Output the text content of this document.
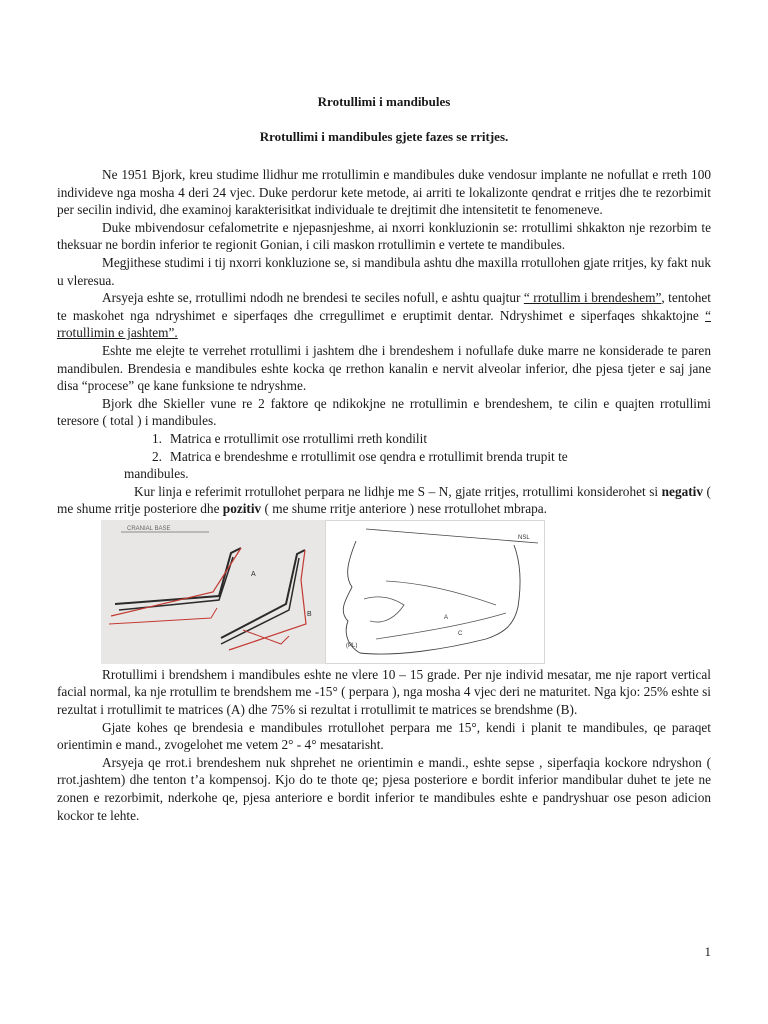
Rrotullimi i mandibules
Rrotullimi i mandibules gjete fazes se rritjes.

Ne 1951 Bjork, kreu studime llidhur me rrotullimin e mandibules duke vendosur implante ne nofullat e rreth 100 individeve nga mosha 4 deri 24 vjec. Duke perdorur kete metode, ai arriti te lokalizonte qendrat e rritjes dhe te rezorbimit per secilin individ, dhe examinoj karakterisitkat individuale te drejtimit dhe intensitetit te fenomeneve.

Duke mbivendosur cefalometrite e njepasnjeshme, ai nxorri konkluzionin se: rrotullimi shkakton nje rezorbim te theksuar ne bordin inferior te regionit Gonian, i cili maskon rrotullimin e vertete te mandibules.

Megjithese studimi i tij nxorri konkluzione se, si mandibula ashtu dhe maxilla rrotullohen gjate rritjes, ky fakt nuk u vleresua.

Arsyeja eshte se, rrotullimi ndodh ne brendesi te seciles nofull, e ashtu quajtur “ rrotullim i brendeshem”, tentohet te maskohet nga ndryshimet e siperfaqes dhe crregullimet e eruptimit dentar. Ndryshimet e siperfaqes shkaktojne “ rrotullimin e jashtem”.

Eshte me elejte te verrehet rrotullimi i jashtem dhe i brendeshem i nofullafe duke marre ne konsiderade te paren mandibulen. Brendesia e mandibules eshte kocka qe rrethon kanalin e nervit alveolar inferior, dhe pjesa tjeter e saj jane disa “procese” qe kane funksione te ndryshme.

Bjork dhe Skieller vune re 2 faktore qe ndikokjne ne rrotullimin e brendeshem, te cilin e quajten rrotullimi teresore ( total ) i mandibules.

1. Matrica e rrotullimit ose rrotullimi rreth kondilit

2. Matrica e brendeshme e rrotullimit ose qendra e rrotullimit brenda trupit te

mandibules.

Kur linja e referimit rrotullohet perpara ne lidhje me S – N, gjate rritjes, rrotullimi konsiderohet si negativ ( me shume rritje posteriore dhe pozitiv ( me shume rritje anteriore ) nese rrotullohet mbrapa.

CRANIAL BASE
A
B
NSL
(PL)
A
C

Rrotullimi i brendshem i mandibules eshte ne vlere 10 – 15 grade. Per nje individ mesatar, me nje raport vertical facial normal, ka nje rrotullim te brendshem me -15° ( perpara ), nga mosha 4 vjec deri ne maturitet. Nga kjo: 25% eshte si rezultat i rrotullimit te matrices (A) dhe 75% si rezultat i rrotullimit te matrices se brendshme (B).

Gjate kohes qe brendesia e mandibules rrotullohet perpara me 15°, kendi i planit te mandibules, qe paraqet orientimin e mand., zvogelohet me vetem 2° - 4° mesatarisht.

Arsyeja qe rrot.i brendeshem nuk shprehet ne orientimin e mandi., eshte sepse , siperfaqia kockore ndryshon ( rrot.jashtem) dhe tenton t’a kompensoj. Kjo do te thote qe; pjesa posteriore e bordit inferior mandibular duhet te jete ne zonen e rezorbimit, nderkohe qe, pjesa anteriore e bordit inferior te mandibules eshte e pandryshuar ose peson adicion kockor te lehte.

1
